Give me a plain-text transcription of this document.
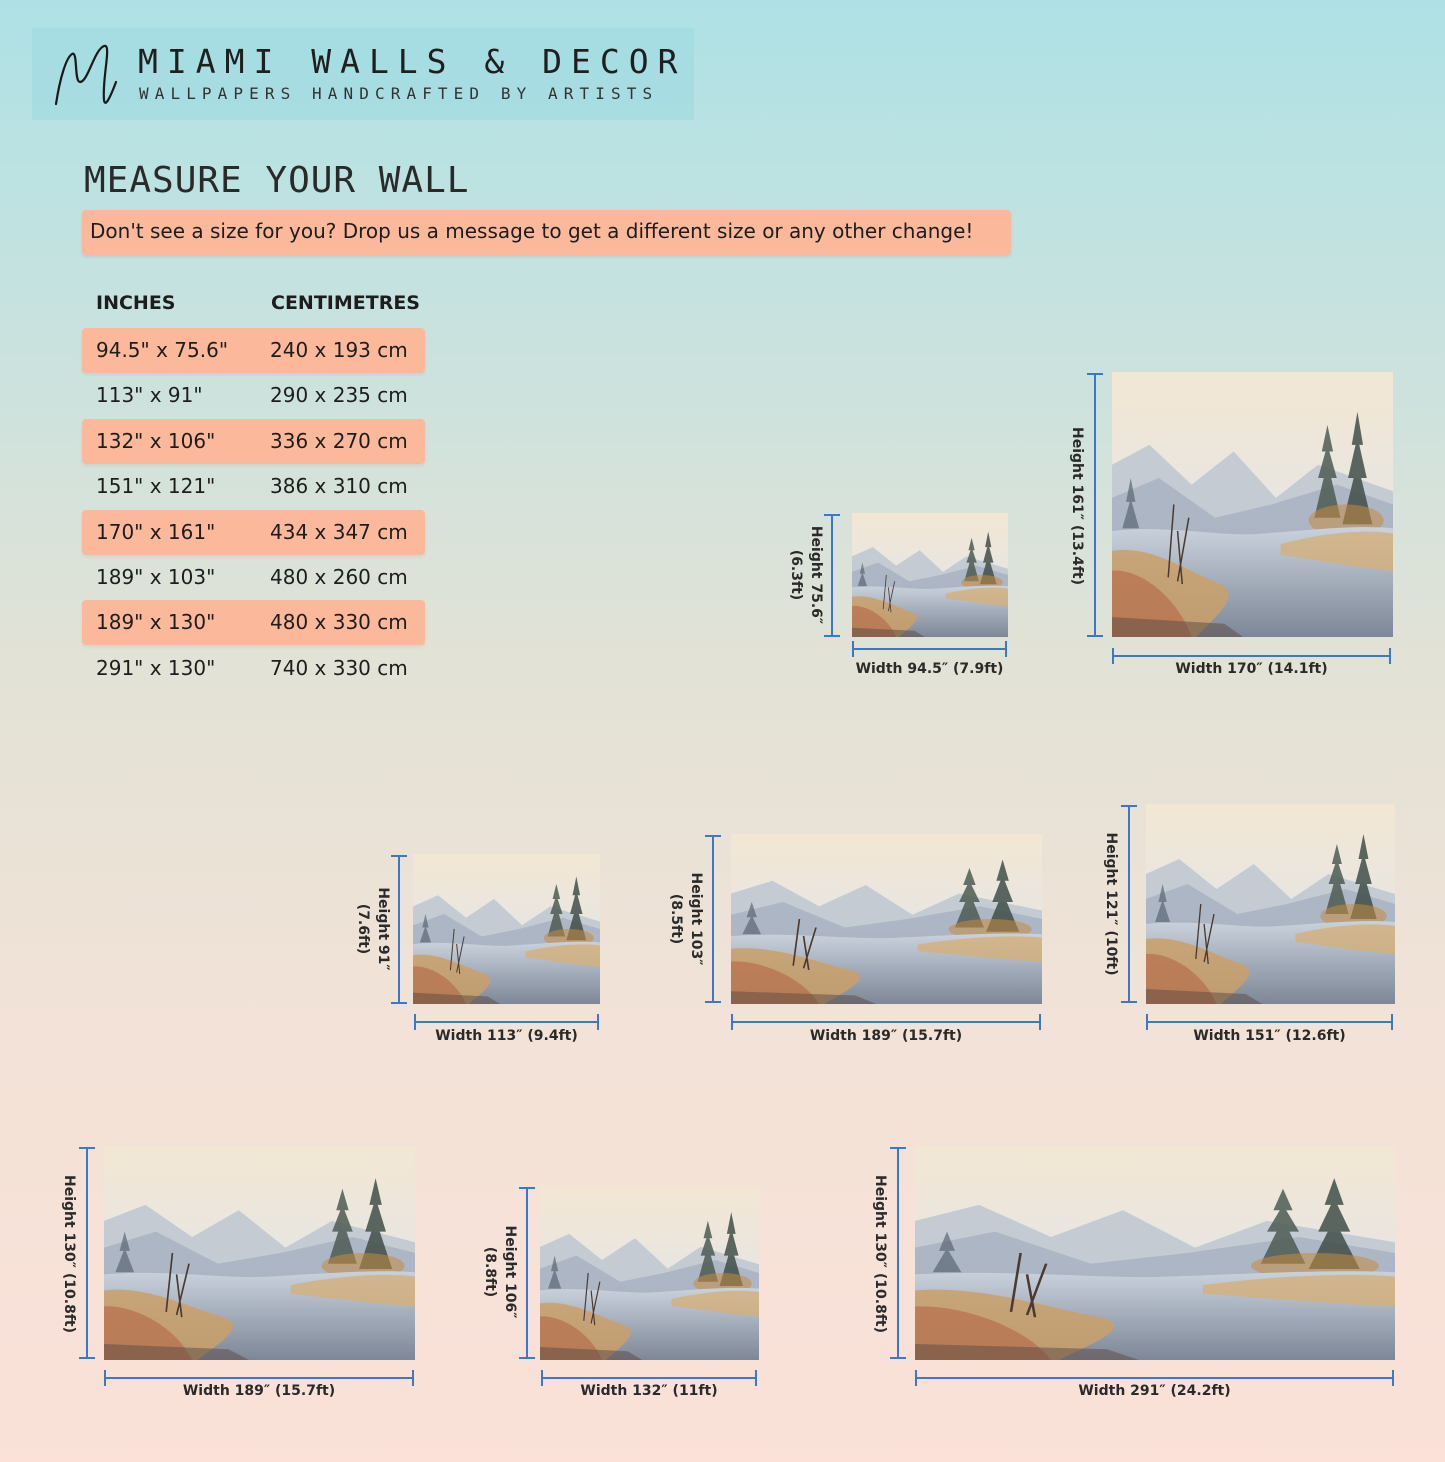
MIAMI WALLS & DECOR
WALLPAPERS HANDCRAFTED BY ARTISTS
MEASURE YOUR WALL
Don't see a size for you? Drop us a message to get a different size or any other change!
INCHES	CENTIMETRES
94.5" x 75.6" 240 x 193 cm
113" x 91"	290 x 235 cm
132" x 106"	336 x 270 cm
151" x 121"	386 x 310 cm
170" x 161"	434 x 347 cm
189" x 103"	480 x 260 cm
189" x 130"	480 x 330 cm
291" x 130"	740 x 330 cm
Height 75.6″
(6.3ft)
Width 94.5″ (7.9ft)
Height 161″ (13.4ft)
Width 170″ (14.1ft)
Height 91″
(7.6ft)
Width 113″ (9.4ft)
Height 103″
(8.5ft)
Width 189″ (15.7ft)
Height 121″ (10ft)
Width 151″ (12.6ft)
Height 130″ (10.8ft)
Width 189″ (15.7ft)
Height 106″
(8.8ft)
Width 132″ (11ft)
Height 130″ (10.8ft)
Width 291″ (24.2ft)
